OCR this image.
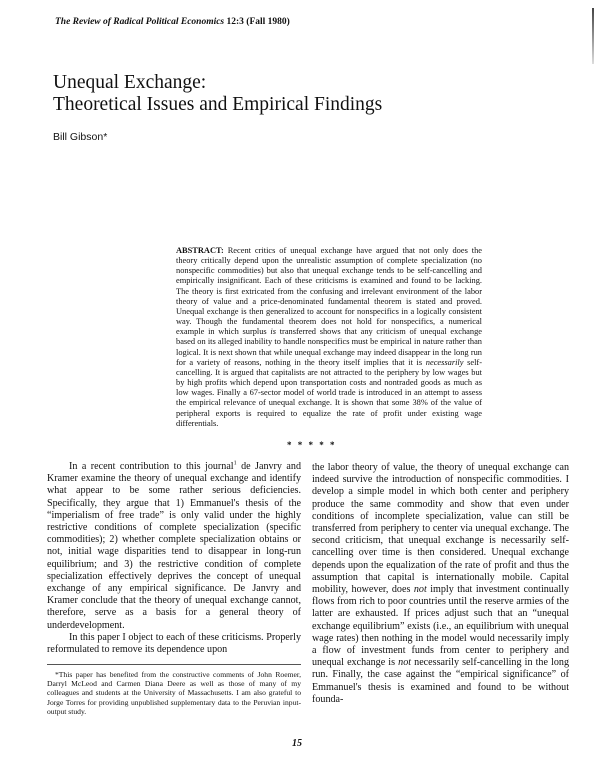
The Review of Radical Political Economics 12:3 (Fall 1980)
Unequal Exchange:
Theoretical Issues and Empirical Findings
Bill Gibson*
ABSTRACT: Recent critics of unequal exchange have argued that not only does the theory critically depend upon the unrealistic assumption of complete specialization (no nonspecific commodities) but also that unequal exchange tends to be self-cancelling and empirically insignificant. Each of these criticisms is examined and found to be lacking. The theory is first extricated from the confusing and irrelevant environment of the labor theory of value and a price-denominated fundamental theorem is stated and proved. Unequal exchange is then generalized to account for nonspecifics in a logically consistent way. Though the fundamental theorem does not hold for nonspecifics, a numerical example in which surplus is transferred shows that any criticism of unequal exchange based on its alleged inability to handle nonspecifics must be empirical in nature rather than logical. It is next shown that while unequal exchange may indeed disappear in the long run for a variety of reasons, nothing in the theory itself implies that it is necessarily self-cancelling. It is argued that capitalists are not attracted to the periphery by low wages but by high profits which depend upon transportation costs and nontraded goods as much as low wages. Finally a 67-sector model of world trade is introduced in an attempt to assess the empirical relevance of unequal exchange. It is shown that some 38% of the value of peripheral exports is required to equalize the rate of profit under existing wage differentials.
* * * * *

In a recent contribution to this journal$^1$ de Janvry and Kramer examine the theory of unequal exchange and identify what appear to be some rather serious deficiencies. Specifically, they argue that 1) Emmanuel's thesis of the “imperialism of free trade” is only valid under the highly restrictive conditions of complete specialization (specific commodities); 2) whether complete specialization obtains or not, initial wage disparities tend to disappear in long-run equilibrium; and 3) the restrictive condition of complete specialization effectively deprives the concept of unequal exchange of any empirical significance. De Janvry and Kramer conclude that the theory of unequal exchange cannot, therefore, serve as a basis for a general theory of underdevelopment.

In this paper I object to each of these criticisms. Properly reformulated to remove its dependence upon

*This paper has benefited from the constructive comments of John Roemer, Darryl McLeod and Carmen Diana Deere as well as those of many of my colleagues and students at the University of Massachusetts. I am also grateful to Jorge Torres for providing unpublished supplementary data to the Peruvian input-output study.

the labor theory of value, the theory of unequal exchange can indeed survive the introduction of nonspecific commodities. I develop a simple model in which both center and periphery produce the same commodity and show that even under conditions of incomplete specialization, value can still be transferred from periphery to center via unequal exchange. The second criticism, that unequal exchange is necessarily self-cancelling over time is then considered. Unequal exchange depends upon the equalization of the rate of profit and thus the assumption that capital is internationally mobile. Capital mobility, however, does not imply that investment continually flows from rich to poor countries until the reserve armies of the latter are exhausted. If prices adjust such that an “unequal exchange equilibrium” exists (i.e., an equilibrium with unequal wage rates) then nothing in the model would necessarily imply a flow of investment funds from center to periphery and unequal exchange is not necessarily self-cancelling in the long run. Finally, the case against the “empirical significance” of Emmanuel's thesis is examined and found to be without founda-

15
